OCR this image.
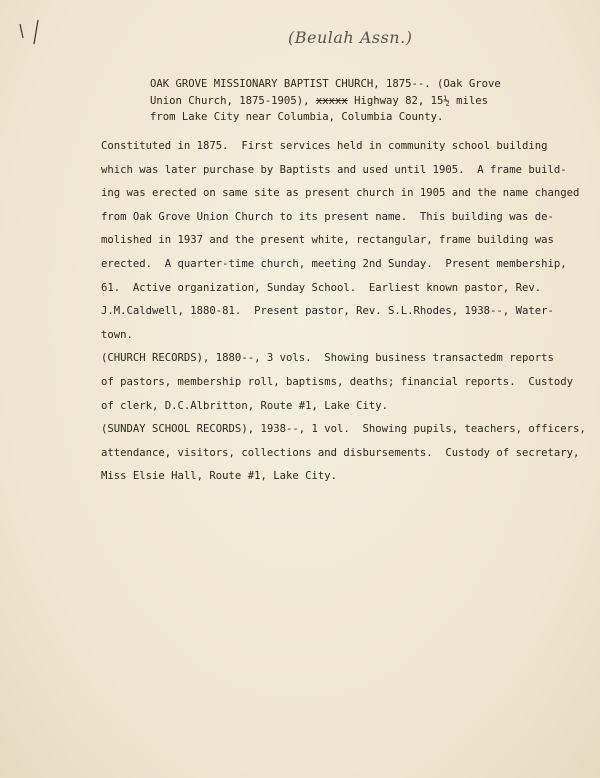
(Beulah Assn.)
OAK GROVE MISSIONARY BAPTIST CHURCH, 1875--. (Oak Grove
Union Church, 1875-1905), xxxxx Highway 82, 15½ miles
from Lake City near Columbia, Columbia County.
Constituted in 1875.  First services held in community school building
which was later purchase by Baptists and used until 1905.  A frame build-
ing was erected on same site as present church in 1905 and the name changed
from Oak Grove Union Church to its present name.  This building was de-
molished in 1937 and the present white, rectangular, frame building was
erected.  A quarter-time church, meeting 2nd Sunday.  Present membership,
61.  Active organization, Sunday School.  Earliest known pastor, Rev.
J.M.Caldwell, 1880-81.  Present pastor, Rev. S.L.Rhodes, 1938--, Water-
town.
(CHURCH RECORDS), 1880--, 3 vols.  Showing business transactedm reports
of pastors, membership roll, baptisms, deaths; financial reports.  Custody
of clerk, D.C.Albritton, Route #1, Lake City.
(SUNDAY SCHOOL RECORDS), 1938--, 1 vol.  Showing pupils, teachers, officers,
attendance, visitors, collections and disbursements.  Custody of secretary,
Miss Elsie Hall, Route #1, Lake City.
